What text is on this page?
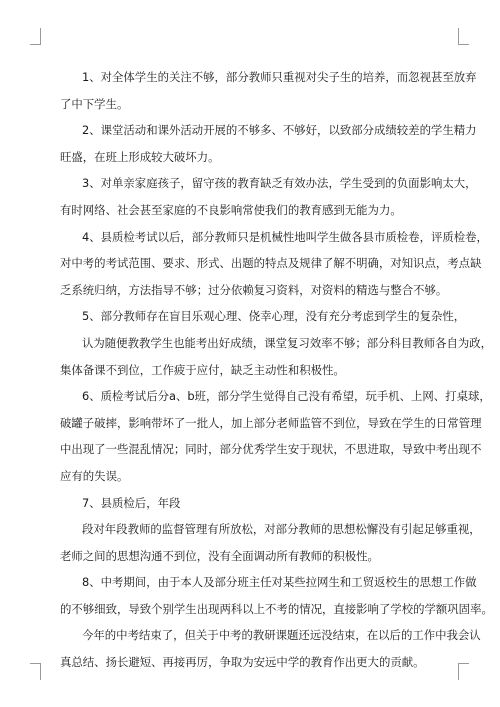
1、对全体学生的关注不够，部分教师只重视对尖子生的培养，而忽视甚至放弃
了中下学生。
2、课堂活动和课外活动开展的不够多、不够好，以致部分成绩较差的学生精力
旺盛，在班上形成较大破坏力。
3、对单亲家庭孩子，留守孩的教育缺乏有效办法，学生受到的负面影响太大，
有时网络、社会甚至家庭的不良影响常使我们的教育感到无能为力。
4、县质检考试以后，部分教师只是机械性地叫学生做各县市质检卷，评质检卷，
对中考的考试范围、要求、形式、出题的特点及规律了解不明确，对知识点，考点缺
乏系统归纳，方法指导不够；过分依赖复习资料，对资料的精选与整合不够。
5、部分教师存在盲目乐观心理、侥幸心理，没有充分考虑到学生的复杂性，
认为随便教教学生也能考出好成绩，课堂复习效率不够；部分科目教师各自为政，
集体备课不到位，工作疲于应付，缺乏主动性和积极性。
6、质检考试后分a、b班，部分学生觉得自己没有希望，玩手机、上网、打桌球，
破罐子破摔，影响带坏了一批人，加上部分老师监管不到位，导致在学生的日常管理
中出现了一些混乱情况；同时，部分优秀学生安于现状，不思进取，导致中考出现不
应有的失误。
7、县质检后，年段
段对年段教师的监督管理有所放松，对部分教师的思想松懈没有引起足够重视，
老师之间的思想沟通不到位，没有全面调动所有教师的积极性。
8、中考期间，由于本人及部分班主任对某些拉网生和工贸返校生的思想工作做
的不够细致，导致个别学生出现两科以上不考的情况，直接影响了学校的学额巩固率。
今年的中考结束了，但关于中考的教研课题还远没结束，在以后的工作中我会认
真总结、扬长避短、再接再厉，争取为安远中学的教育作出更大的贡献。
